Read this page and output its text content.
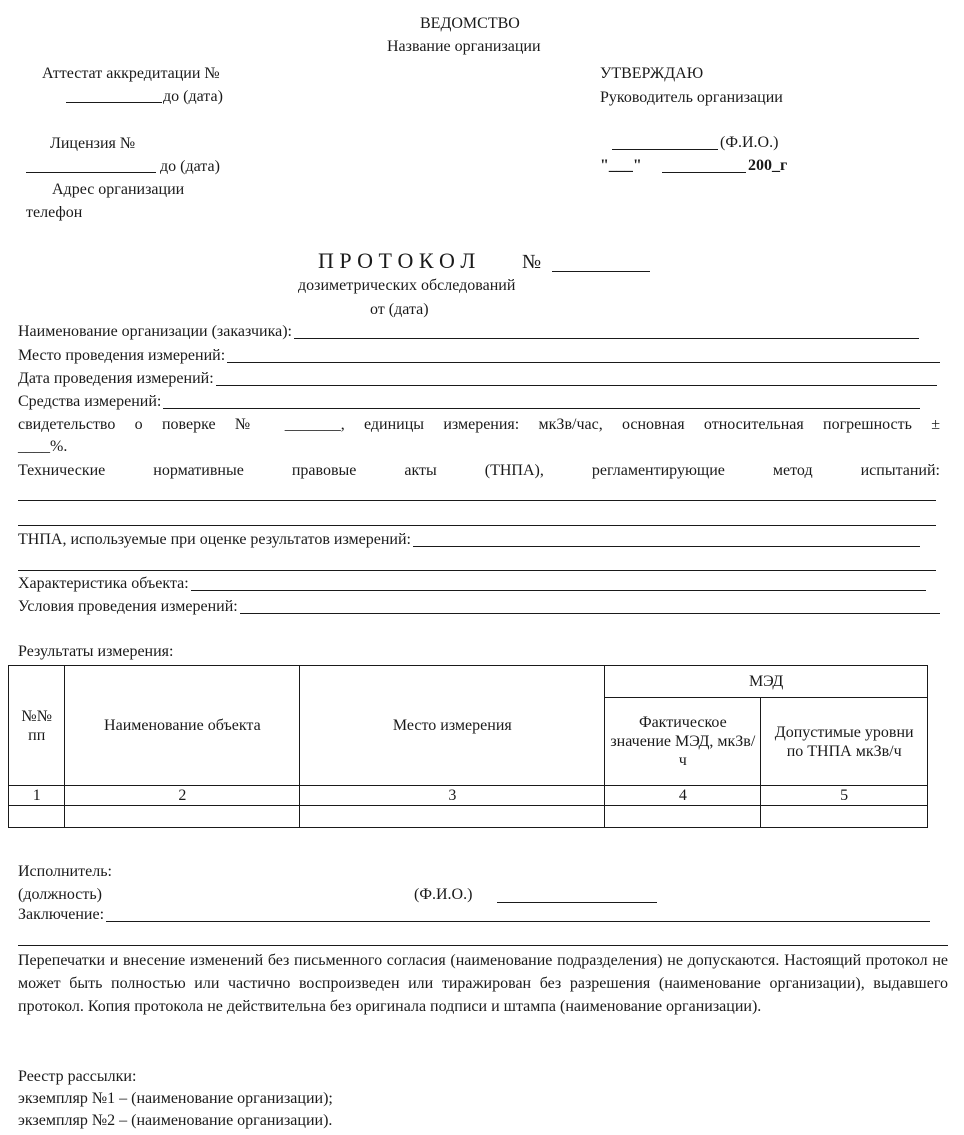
ВЕДОМСТВО
Название организации
Аттестат аккредитации №
до (дата)
Лицензия №
до (дата)
Адрес организации
телефон
УТВЕРЖДАЮ
Руководитель организации
(Ф.И.О.)
"___"	200_г
П Р О Т О К О Л №
дозиметрических обследований
от (дата)
Наименование организации (заказчика):
Место проведения измерений:
Дата проведения измерений:
Средства измерений:
свидетельство о поверке № _______, единицы измерения: мкЗв/час, основная относительная погрешность ±
____%.
Технические нормативные правовые акты (ТНПА), регламентирующие метод испытаний:
ТНПА, используемые при оценке результатов измерений:
Характеристика объекта:
Условия проведения измерений:
Результаты измерения:
№№ пп	Наименование объекта	Место измерения	МЭД	
			Фактическое значение МЭД, мкЗв/ч	Допустимые уровни по ТНПА мкЗв/ч
1	2	3	4	5

Исполнитель:
(должность)	(Ф.И.О.)
Заключение:
Перепечатки и внесение изменений без письменного согласия (наименование подразделения) не допускаются. Настоящий протокол не может быть полностью или частично воспроизведен или тиражирован без разрешения (наименование организации), выдавшего протокол. Копия протокола не действительна без оригинала подписи и штампа (наименование организации).
Реестр рассылки:
экземпляр №1 – (наименование организации);
экземпляр №2 – (наименование организации).
